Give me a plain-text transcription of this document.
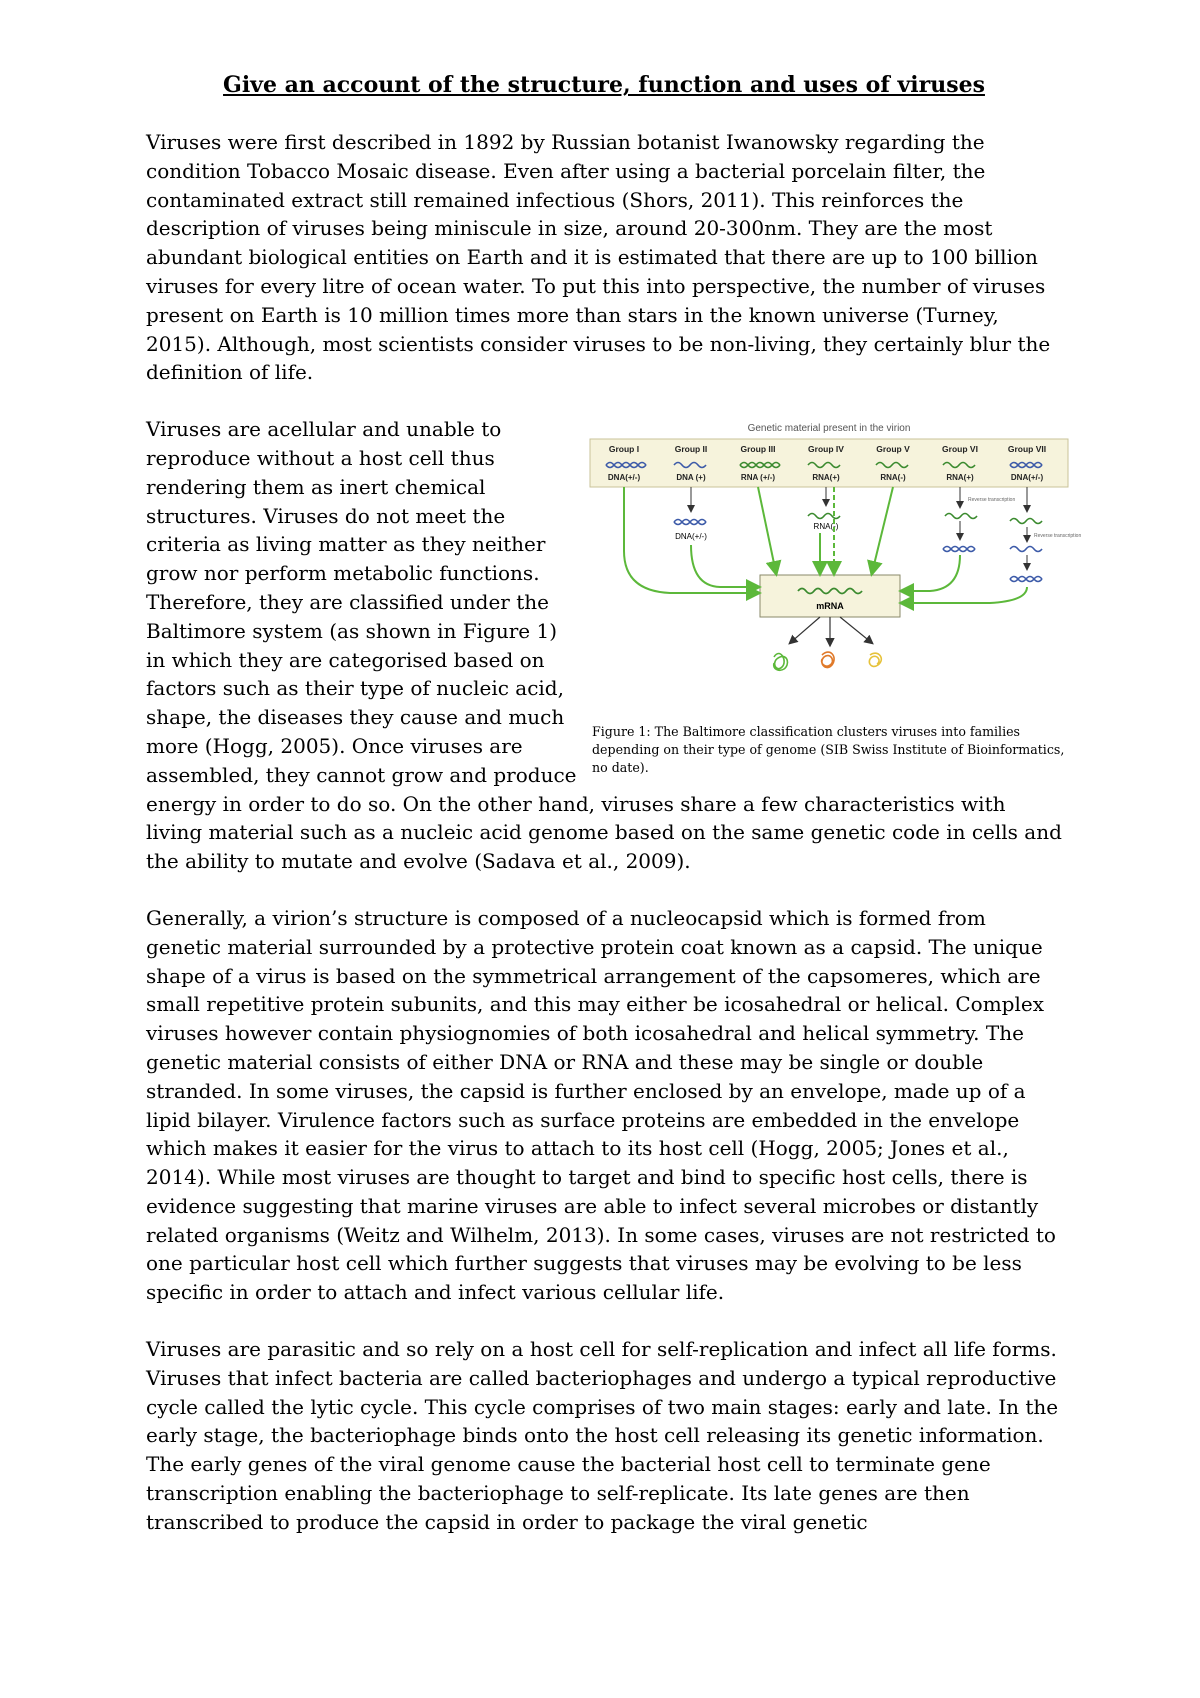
Give an account of the structure, function and uses of viruses

Viruses were first described in 1892 by Russian botanist Iwanowsky regarding the condition Tobacco Mosaic disease. Even after using a bacterial porcelain filter, the contaminated extract still remained infectious (Shors, 2011). This reinforces the description of viruses being miniscule in size, around 20-300nm. They are the most abundant biological entities on Earth and it is estimated that there are up to 100 billion viruses for every litre of ocean water. To put this into perspective, the number of viruses present on Earth is 10 million times more than stars in the known universe (Turney, 2015). Although, most scientists consider viruses to be non-living, they certainly blur the definition of life.

Genetic material present in the virion
Group I	Group II	Group III	Group IV	Group V	Group VI	Group VII
DNA(+/-)	DNA (+)	RNA (+/-)	RNA(+)	RNA(-)	RNA(+)	DNA(+/-)
DNA(+/-)
RNA(-)
Reverse transcription
Reverse transcription
mRNA
Figure 1: The Baltimore classification clusters viruses into families depending on their type of genome (SIB Swiss Institute of Bioinformatics, no date).

Viruses are acellular and unable to reproduce without a host cell thus rendering them as inert chemical structures. Viruses do not meet the criteria as living matter as they neither grow nor perform metabolic functions. Therefore, they are classified under the Baltimore system (as shown in Figure 1) in which they are categorised based on factors such as their type of nucleic acid, shape, the diseases they cause and much more (Hogg, 2005). Once viruses are assembled, they cannot grow and produce energy in order to do so. On the other hand, viruses share a few characteristics with living material such as a nucleic acid genome based on the same genetic code in cells and the ability to mutate and evolve (Sadava et al., 2009).

Generally, a virion’s structure is composed of a nucleocapsid which is formed from genetic material surrounded by a protective protein coat known as a capsid. The unique shape of a virus is based on the symmetrical arrangement of the capsomeres, which are small repetitive protein subunits, and this may either be icosahedral or helical. Complex viruses however contain physiognomies of both icosahedral and helical symmetry. The genetic material consists of either DNA or RNA and these may be single or double stranded. In some viruses, the capsid is further enclosed by an envelope, made up of a lipid bilayer. Virulence factors such as surface proteins are embedded in the envelope which makes it easier for the virus to attach to its host cell (Hogg, 2005; Jones et al., 2014). While most viruses are thought to target and bind to specific host cells, there is evidence suggesting that marine viruses are able to infect several microbes or distantly related organisms (Weitz and Wilhelm, 2013). In some cases, viruses are not restricted to one particular host cell which further suggests that viruses may be evolving to be less specific in order to attach and infect various cellular life.

Viruses are parasitic and so rely on a host cell for self-replication and infect all life forms. Viruses that infect bacteria are called bacteriophages and undergo a typical reproductive cycle called the lytic cycle. This cycle comprises of two main stages: early and late. In the early stage, the bacteriophage binds onto the host cell releasing its genetic information. The early genes of the viral genome cause the bacterial host cell to terminate gene transcription enabling the bacteriophage to self-replicate. Its late genes are then transcribed to produce the capsid in order to package the viral genetic
